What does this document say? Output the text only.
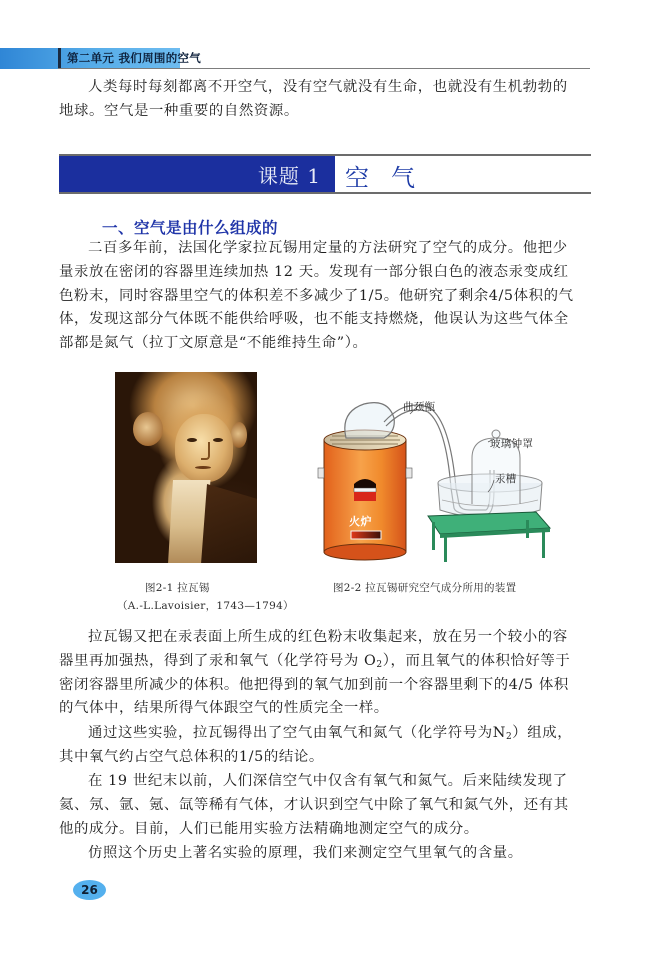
第二单元 我们周围的空气
人类每时每刻都离不开空气，没有空气就没有生命，也就没有生机勃勃的
地球。空气是一种重要的自然资源。
课题 1 空气
一、空气是由什么组成的
二百多年前，法国化学家拉瓦锡用定量的方法研究了空气的成分。他把少
量汞放在密闭的容器里连续加热 12 天。发现有一部分银白色的液态汞变成红
色粉末，同时容器里空气的体积差不多减少了1/5。他研究了剩余4/5体积的气
体，发现这部分气体既不能供给呼吸，也不能支持燃烧，他误认为这些气体全
部都是氮气（拉丁文原意是“不能维持生命”）。
图2-1 拉瓦锡
（A.-L.Lavoisier，1743—1794）
曲颈甑
玻璃钟罩
汞槽
火炉
图2-2 拉瓦锡研究空气成分所用的装置
拉瓦锡又把在汞表面上所生成的红色粉末收集起来，放在另一个较小的容
器里再加强热，得到了汞和氧气（化学符号为 $O_2$），而且氧气的体积恰好等于
密闭容器里所减少的体积。他把得到的氧气加到前一个容器里剩下的4/5 体积
的气体中，结果所得气体跟空气的性质完全一样。
通过这些实验，拉瓦锡得出了空气由氧气和氮气（化学符号为$N_2$）组成，
其中氧气约占空气总体积的1/5的结论。
在 19 世纪末以前，人们深信空气中仅含有氧气和氮气。后来陆续发现了
氦、氖、氩、氪、氙等稀有气体，才认识到空气中除了氧气和氮气外，还有其
他的成分。目前，人们已能用实验方法精确地测定空气的成分。
仿照这个历史上著名实验的原理，我们来测定空气里氧气的含量。
26
